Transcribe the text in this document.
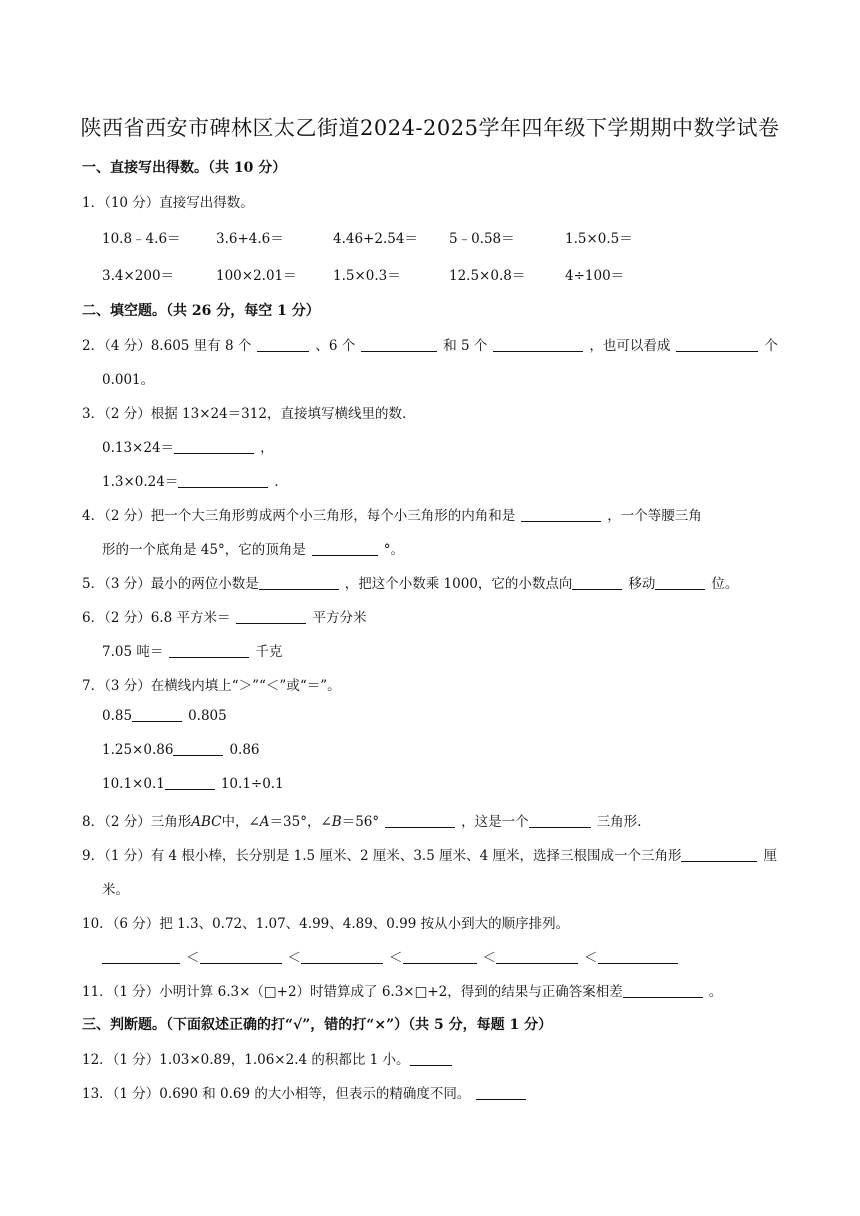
陕西省西安市碑林区太乙街道2024-2025学年四年级下学期期中数学试卷
一、直接写出得数。（共 10 分）
1．（10 分）直接写出得数。
10.8﹣4.6＝	3.6+4.6＝	4.46+2.54＝ 5﹣0.58＝	1.5×0.5＝
3.4×200＝	100×2.01＝	1.5×0.3＝	12.5×0.8＝	4÷100＝
二、填空题。（共 26 分，每空 1 分）
2．（4 分）8.605 里有 8 个	、6 个	和 5 个	，也可以看成	个
0.001。
3．（2 分）根据 13×24＝312，直接填写横线里的数．
0.13×24＝	，
1.3×0.24＝	．
4．（2 分）把一个大三角形剪成两个小三角形，每个小三角形的内角和是	，一个等腰三角
形的一个底角是 45°，它的顶角是	°。
5．（3 分）最小的两位小数是	，把这个小数乘 1000，它的小数点向	移动	位。
6．（2 分）6.8 平方米＝	平方分米
7.05 吨＝	千克
7．（3 分）在横线内填上“＞”“＜”或“＝”。
0.85	0.805
1.25×0.86	0.86
10.1×0.1	10.1÷0.1
8．（2 分）三角形ABC中，∠A＝35°，∠B＝56°	，这是一个	三角形.
9．（1 分）有 4 根小棒，长分别是 1.5 厘米、2 厘米、3.5 厘米、4 厘米，选择三根围成一个三角形	厘
米。
10．（6 分）把 1.3、0.72、1.07、4.99、4.89、0.99 按从小到大的顺序排列。
＜	＜	＜	＜	＜
11．（1 分）小明计算 6.3×（□+2）时错算成了 6.3×□+2，得到的结果与正确答案相差	。
三、判断题。（下面叙述正确的打“√”，错的打“×”）（共 5 分，每题 1 分）
12．（1 分）1.03×0.89，1.06×2.4 的积都比 1 小。
13．（1 分）0.690 和 0.69 的大小相等，但表示的精确度不同。
